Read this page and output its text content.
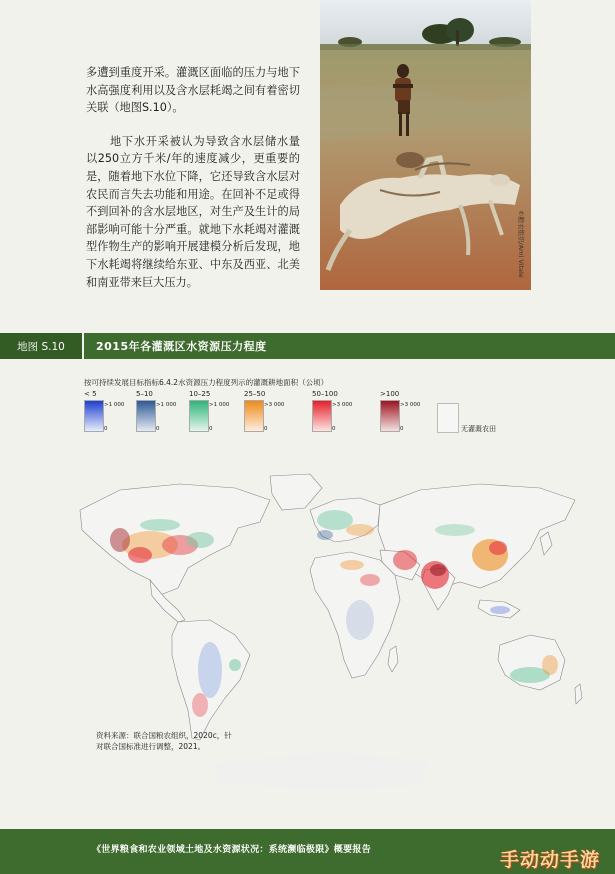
多遭到重度开采。灌溉区面临的压力与地下水高强度利用以及含水层耗竭之间有着密切关联（地图S.10）。

地下水开采被认为导致含水层储水量以250立方千米/年的速度减少，更重要的是，随着地下水位下降，它还导致含水层对农民而言失去功能和用途。在回补不足或得不到回补的含水层地区，对生产及生计的局部影响可能十分严重。就地下水耗竭对灌溉型作物生产的影响开展建模分析后发现，地下水耗竭将继续给东亚、中东及西亚、北美和南亚带来巨大压力。

©粮农组织/Ami Vitale
地图 S.10	2015年各灌溉区水资源压力程度
按可持续发展目标指标6.4.2水资源压力程度列示的灌溉耕地面积（公顷）
< 5
>1 000
0
5–10
>1 000
0
10–25
>1 000
0
25–50
>3 000
0
50–100
>3 000
0
>100
>3 000
0	无灌溉农田
资料来源：联合国粮农组织，2020c，针对联合国标准进行调整，2021。
《世界粮食和农业领域土地及水资源状况：系统濒临极限》概要报告	手动动手游
